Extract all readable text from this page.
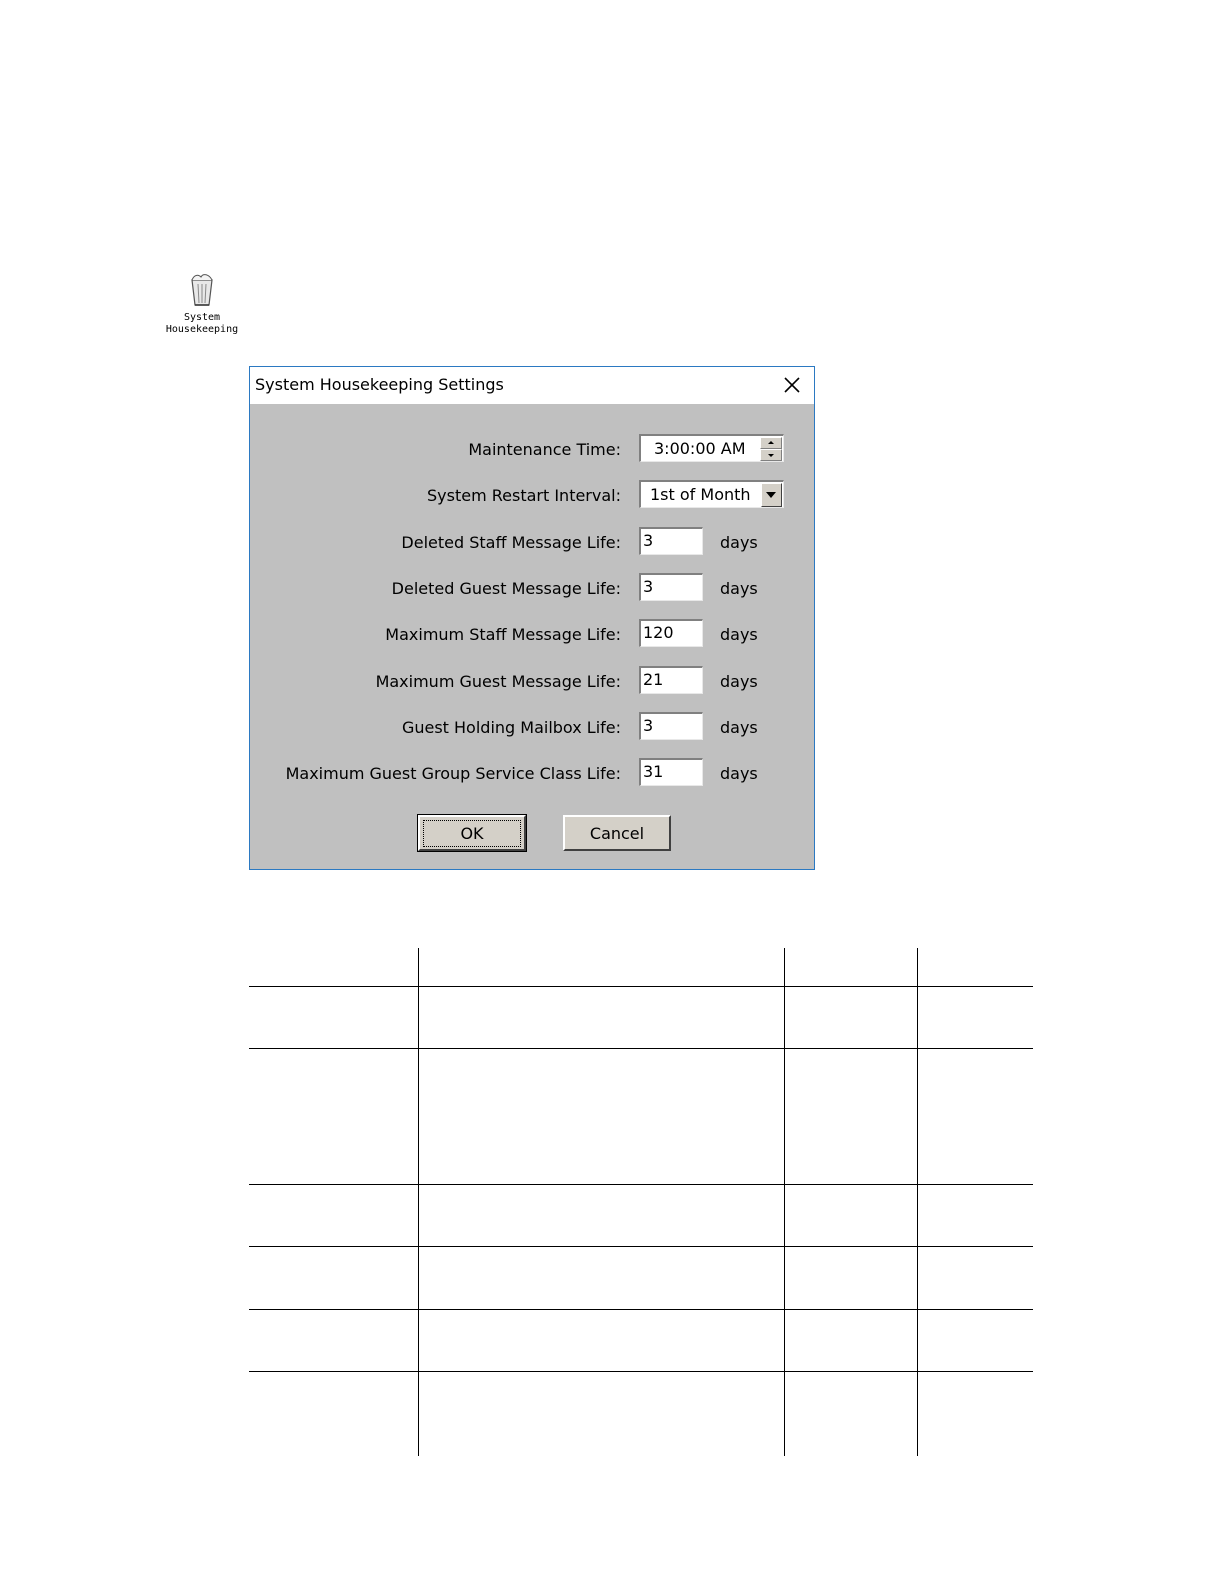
System
Housekeeping
System Housekeeping Settings
Maintenance Time: 3:00:00 AM
System Restart Interval: 1st of Month
Deleted Staff Message Life: 3	days
Deleted Guest Message Life: 3	days
Maximum Staff Message Life: 120	days
Maximum Guest Message Life: 21	days
Guest Holding Mailbox Life: 3	days
Maximum Guest Group Service Class Life: 31	days
OK	Cancel
